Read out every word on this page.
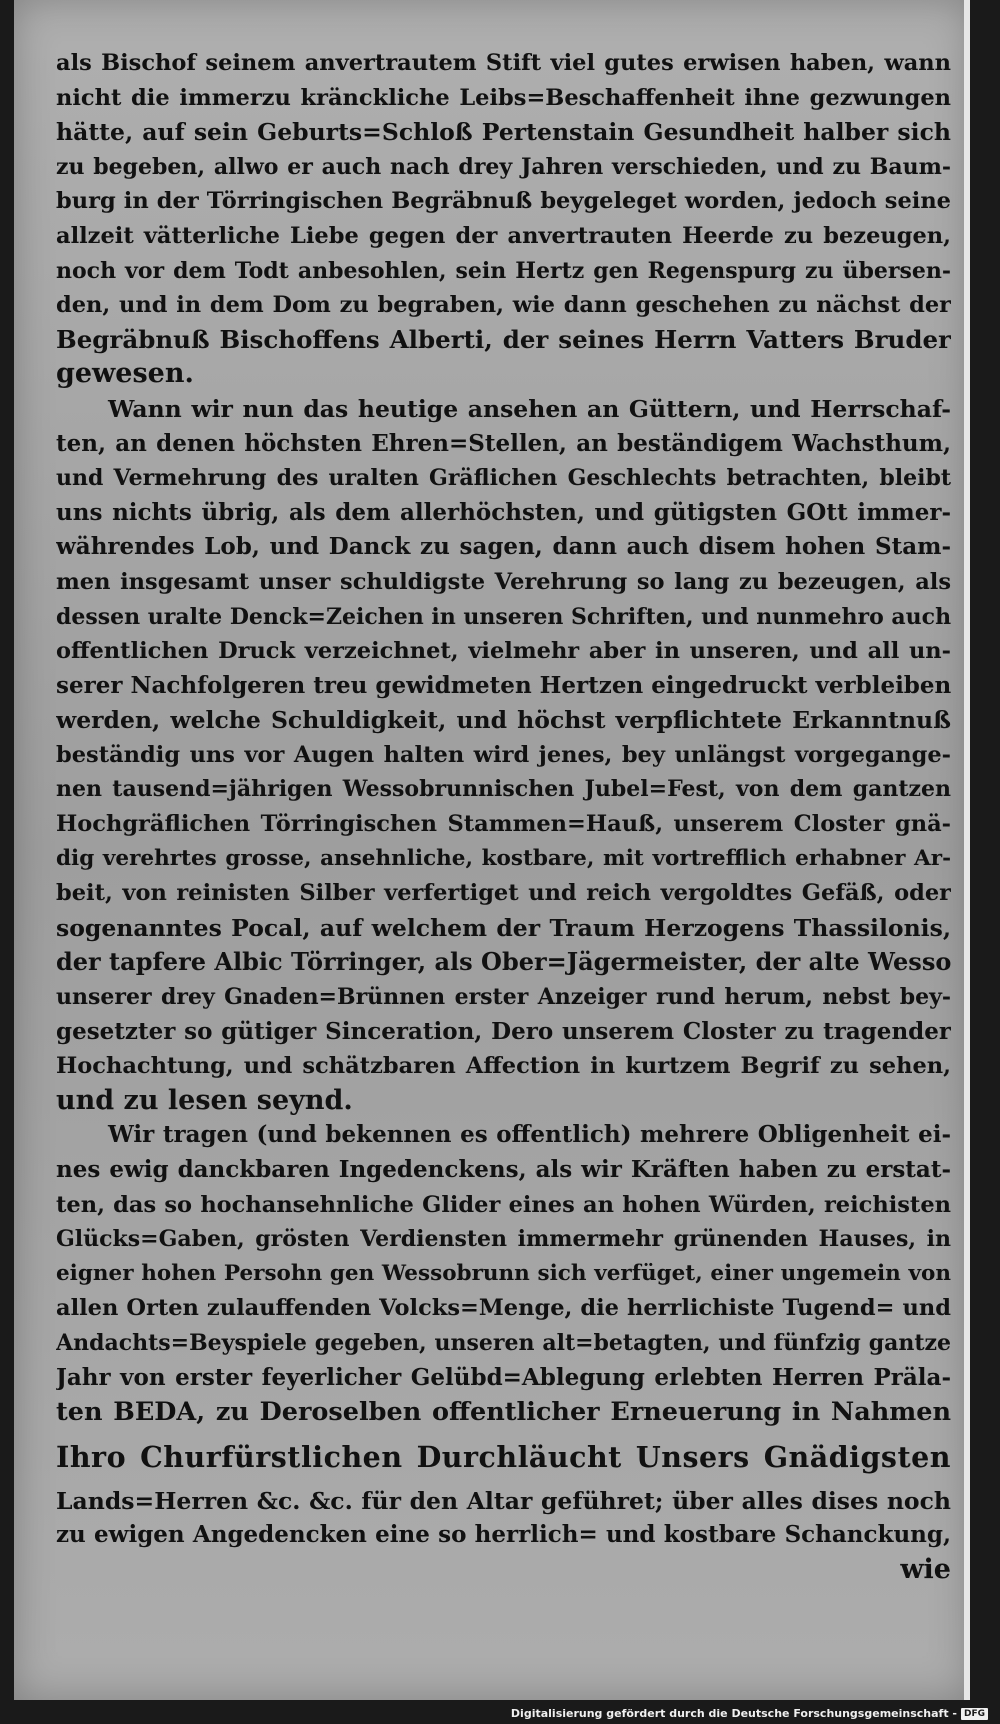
als Bischof seinem anvertrautem Stift viel gutes erwisen haben, wann
nicht die immerzu kränckliche Leibs=Beschaffenheit ihne gezwungen
hätte, auf sein Geburts=Schloß Pertenstain Gesundheit halber sich
zu begeben, allwo er auch nach drey Jahren verschieden, und zu Baum-
burg in der Törringischen Begräbnuß beygeleget worden, jedoch seine
allzeit vätterliche Liebe gegen der anvertrauten Heerde zu bezeugen,
noch vor dem Todt anbesohlen, sein Hertz gen Regenspurg zu übersen-
den, und in dem Dom zu begraben, wie dann geschehen zu nächst der
Begräbnuß Bischoffens Alberti, der seines Herrn Vatters Bruder
gewesen.
Wann wir nun das heutige ansehen an Güttern, und Herrschaf-
ten, an denen höchsten Ehren=Stellen, an beständigem Wachsthum,
und Vermehrung des uralten Gräflichen Geschlechts betrachten, bleibt
uns nichts übrig, als dem allerhöchsten, und gütigsten GOtt immer-
währendes Lob, und Danck zu sagen, dann auch disem hohen Stam-
men insgesamt unser schuldigste Verehrung so lang zu bezeugen, als
dessen uralte Denck=Zeichen in unseren Schriften, und nunmehro auch
offentlichen Druck verzeichnet, vielmehr aber in unseren, und all un-
serer Nachfolgeren treu gewidmeten Hertzen eingedruckt verbleiben
werden, welche Schuldigkeit, und höchst verpflichtete Erkanntnuß
beständig uns vor Augen halten wird jenes, bey unlängst vorgegange-
nen tausend=jährigen Wessobrunnischen Jubel=Fest, von dem gantzen
Hochgräflichen Törringischen Stammen=Hauß, unserem Closter gnä-
dig verehrtes grosse, ansehnliche, kostbare, mit vortrefflich erhabner Ar-
beit, von reinisten Silber verfertiget und reich vergoldtes Gefäß, oder
sogenanntes Pocal, auf welchem der Traum Herzogens Thassilonis,
der tapfere Albic Törringer, als Ober=Jägermeister, der alte Wesso
unserer drey Gnaden=Brünnen erster Anzeiger rund herum, nebst bey-
gesetzter so gütiger Sinceration, Dero unserem Closter zu tragender
Hochachtung, und schätzbaren Affection in kurtzem Begrif zu sehen,
und zu lesen seynd.
Wir tragen (und bekennen es offentlich) mehrere Obligenheit ei-
nes ewig danckbaren Ingedenckens, als wir Kräften haben zu erstat-
ten, das so hochansehnliche Glider eines an hohen Würden, reichisten
Glücks=Gaben, grösten Verdiensten immermehr grünenden Hauses, in
eigner hohen Persohn gen Wessobrunn sich verfüget, einer ungemein von
allen Orten zulauffenden Volcks=Menge, die herrlichiste Tugend= und
Andachts=Beyspiele gegeben, unseren alt=betagten, und fünfzig gantze
Jahr von erster feyerlicher Gelübd=Ablegung erlebten Herren Präla-
ten BEDA, zu Deroselben offentlicher Erneuerung in Nahmen
Ihro Churfürstlichen Durchläucht Unsers Gnädigsten
Lands=Herren &c. &c. für den Altar geführet; über alles dises noch
zu ewigen Angedencken eine so herrlich= und kostbare Schanckung,
wie
Digitalisierung gefördert durch die Deutsche Forschungsgemeinschaft - DFG
